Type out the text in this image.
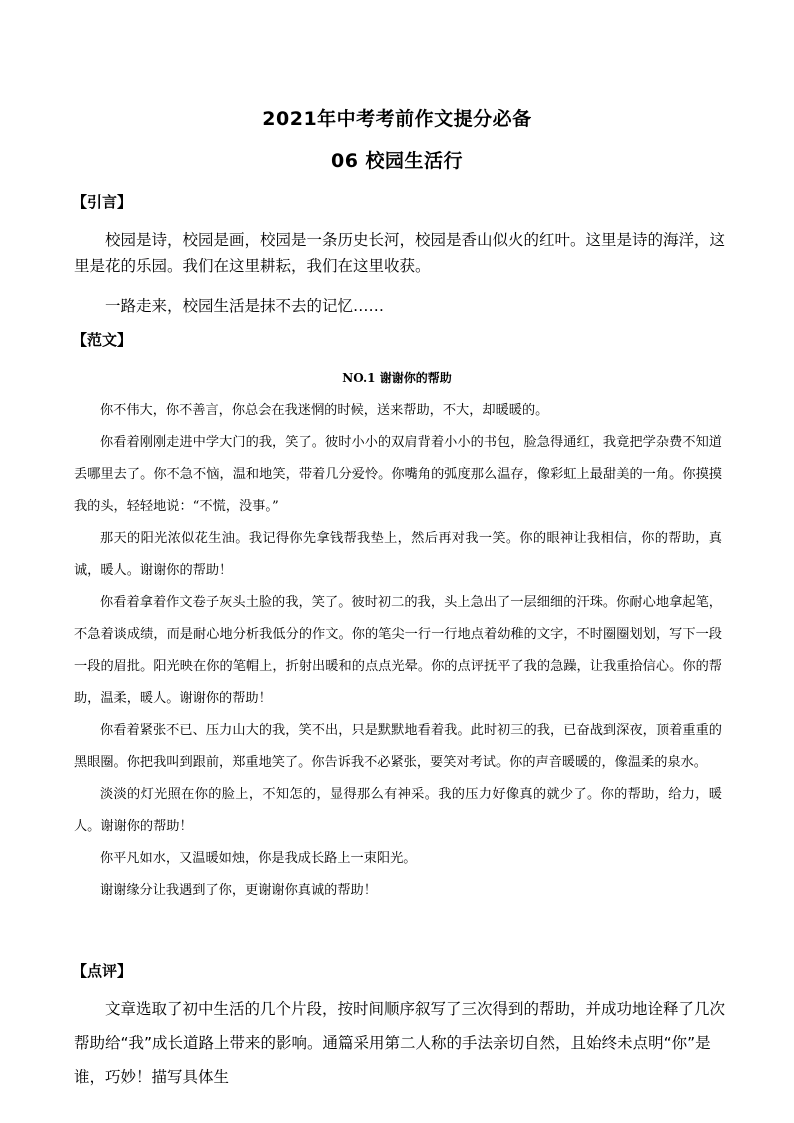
2021年中考考前作文提分必备
06 校园生活行
【引言】

校园是诗，校园是画，校园是一条历史长河，校园是香山似火的红叶。这里是诗的海洋，这里是花的乐园。我们在这里耕耘，我们在这里收获。

一路走来，校园生活是抹不去的记忆……

【范文】
NO.1 谢谢你的帮助

你不伟大，你不善言，你总会在我迷惘的时候，送来帮助，不大，却暖暖的。

你看着刚刚走进中学大门的我，笑了。彼时小小的双肩背着小小的书包，脸急得通红，我竟把学杂费不知道丢哪里去了。你不急不恼，温和地笑，带着几分爱怜。你嘴角的弧度那么温存，像彩虹上最甜美的一角。你摸摸我的头，轻轻地说：“不慌，没事。”

那天的阳光浓似花生油。我记得你先拿钱帮我垫上，然后再对我一笑。你的眼神让我相信，你的帮助，真诚，暖人。谢谢你的帮助！

你看着拿着作文卷子灰头土脸的我，笑了。彼时初二的我，头上急出了一层细细的汗珠。你耐心地拿起笔，不急着谈成绩，而是耐心地分析我低分的作文。你的笔尖一行一行地点着幼稚的文字，不时圈圈划划，写下一段一段的眉批。阳光映在你的笔帽上，折射出暖和的点点光晕。你的点评抚平了我的急躁，让我重拾信心。你的帮助，温柔，暖人。谢谢你的帮助！

你看着紧张不已、压力山大的我，笑不出，只是默默地看着我。此时初三的我，已奋战到深夜，顶着重重的黑眼圈。你把我叫到跟前，郑重地笑了。你告诉我不必紧张，要笑对考试。你的声音暖暖的，像温柔的泉水。

淡淡的灯光照在你的脸上，不知怎的，显得那么有神采。我的压力好像真的就少了。你的帮助，给力，暖人。谢谢你的帮助！

你平凡如水，又温暖如烛，你是我成长路上一束阳光。

谢谢缘分让我遇到了你，更谢谢你真诚的帮助！

【点评】

文章选取了初中生活的几个片段，按时间顺序叙写了三次得到的帮助，并成功地诠释了几次帮助给“我”成长道路上带来的影响。通篇采用第二人称的手法亲切自然，且始终未点明“你”是谁，巧妙！描写具体生
